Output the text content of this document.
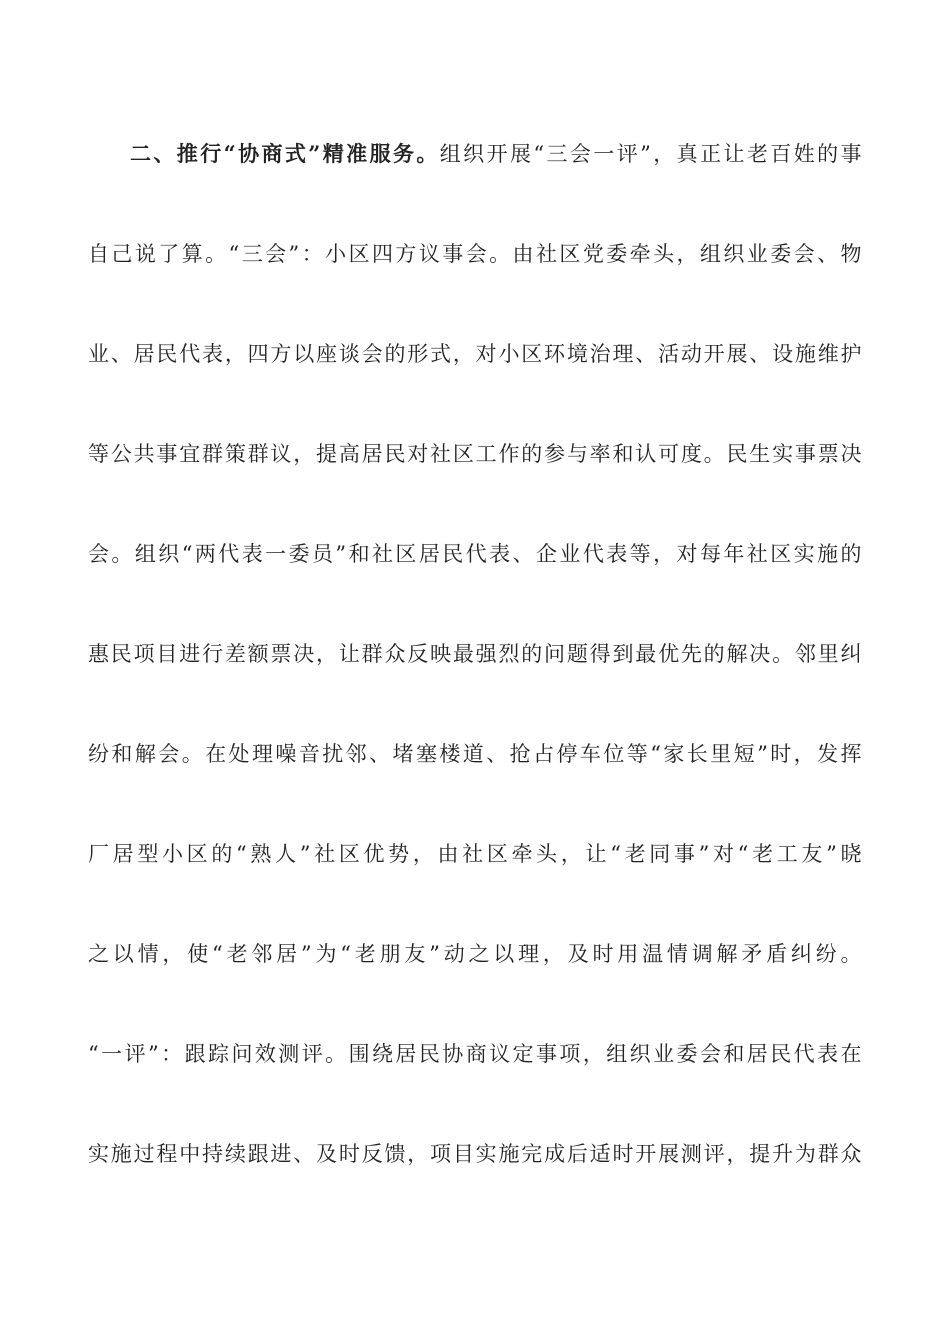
二、推行“协商式”精准服务。组织开展“三会一评”，真正让老百姓的事
自己说了算。“三会”：小区四方议事会。由社区党委牵头，组织业委会、物
业、居民代表，四方以座谈会的形式，对小区环境治理、活动开展、设施维护
等公共事宜群策群议，提高居民对社区工作的参与率和认可度。民生实事票决
会。组织“两代表一委员”和社区居民代表、企业代表等，对每年社区实施的
惠民项目进行差额票决，让群众反映最强烈的问题得到最优先的解决。邻里纠
纷和解会。在处理噪音扰邻、堵塞楼道、抢占停车位等“家长里短”时，发挥
厂居型小区的“熟人”社区优势，由社区牵头，让“老同事”对“老工友”晓
之以情，使“老邻居”为“老朋友”动之以理，及时用温情调解矛盾纠纷。
“一评”：跟踪问效测评。围绕居民协商议定事项，组织业委会和居民代表在
实施过程中持续跟进、及时反馈，项目实施完成后适时开展测评，提升为群众
